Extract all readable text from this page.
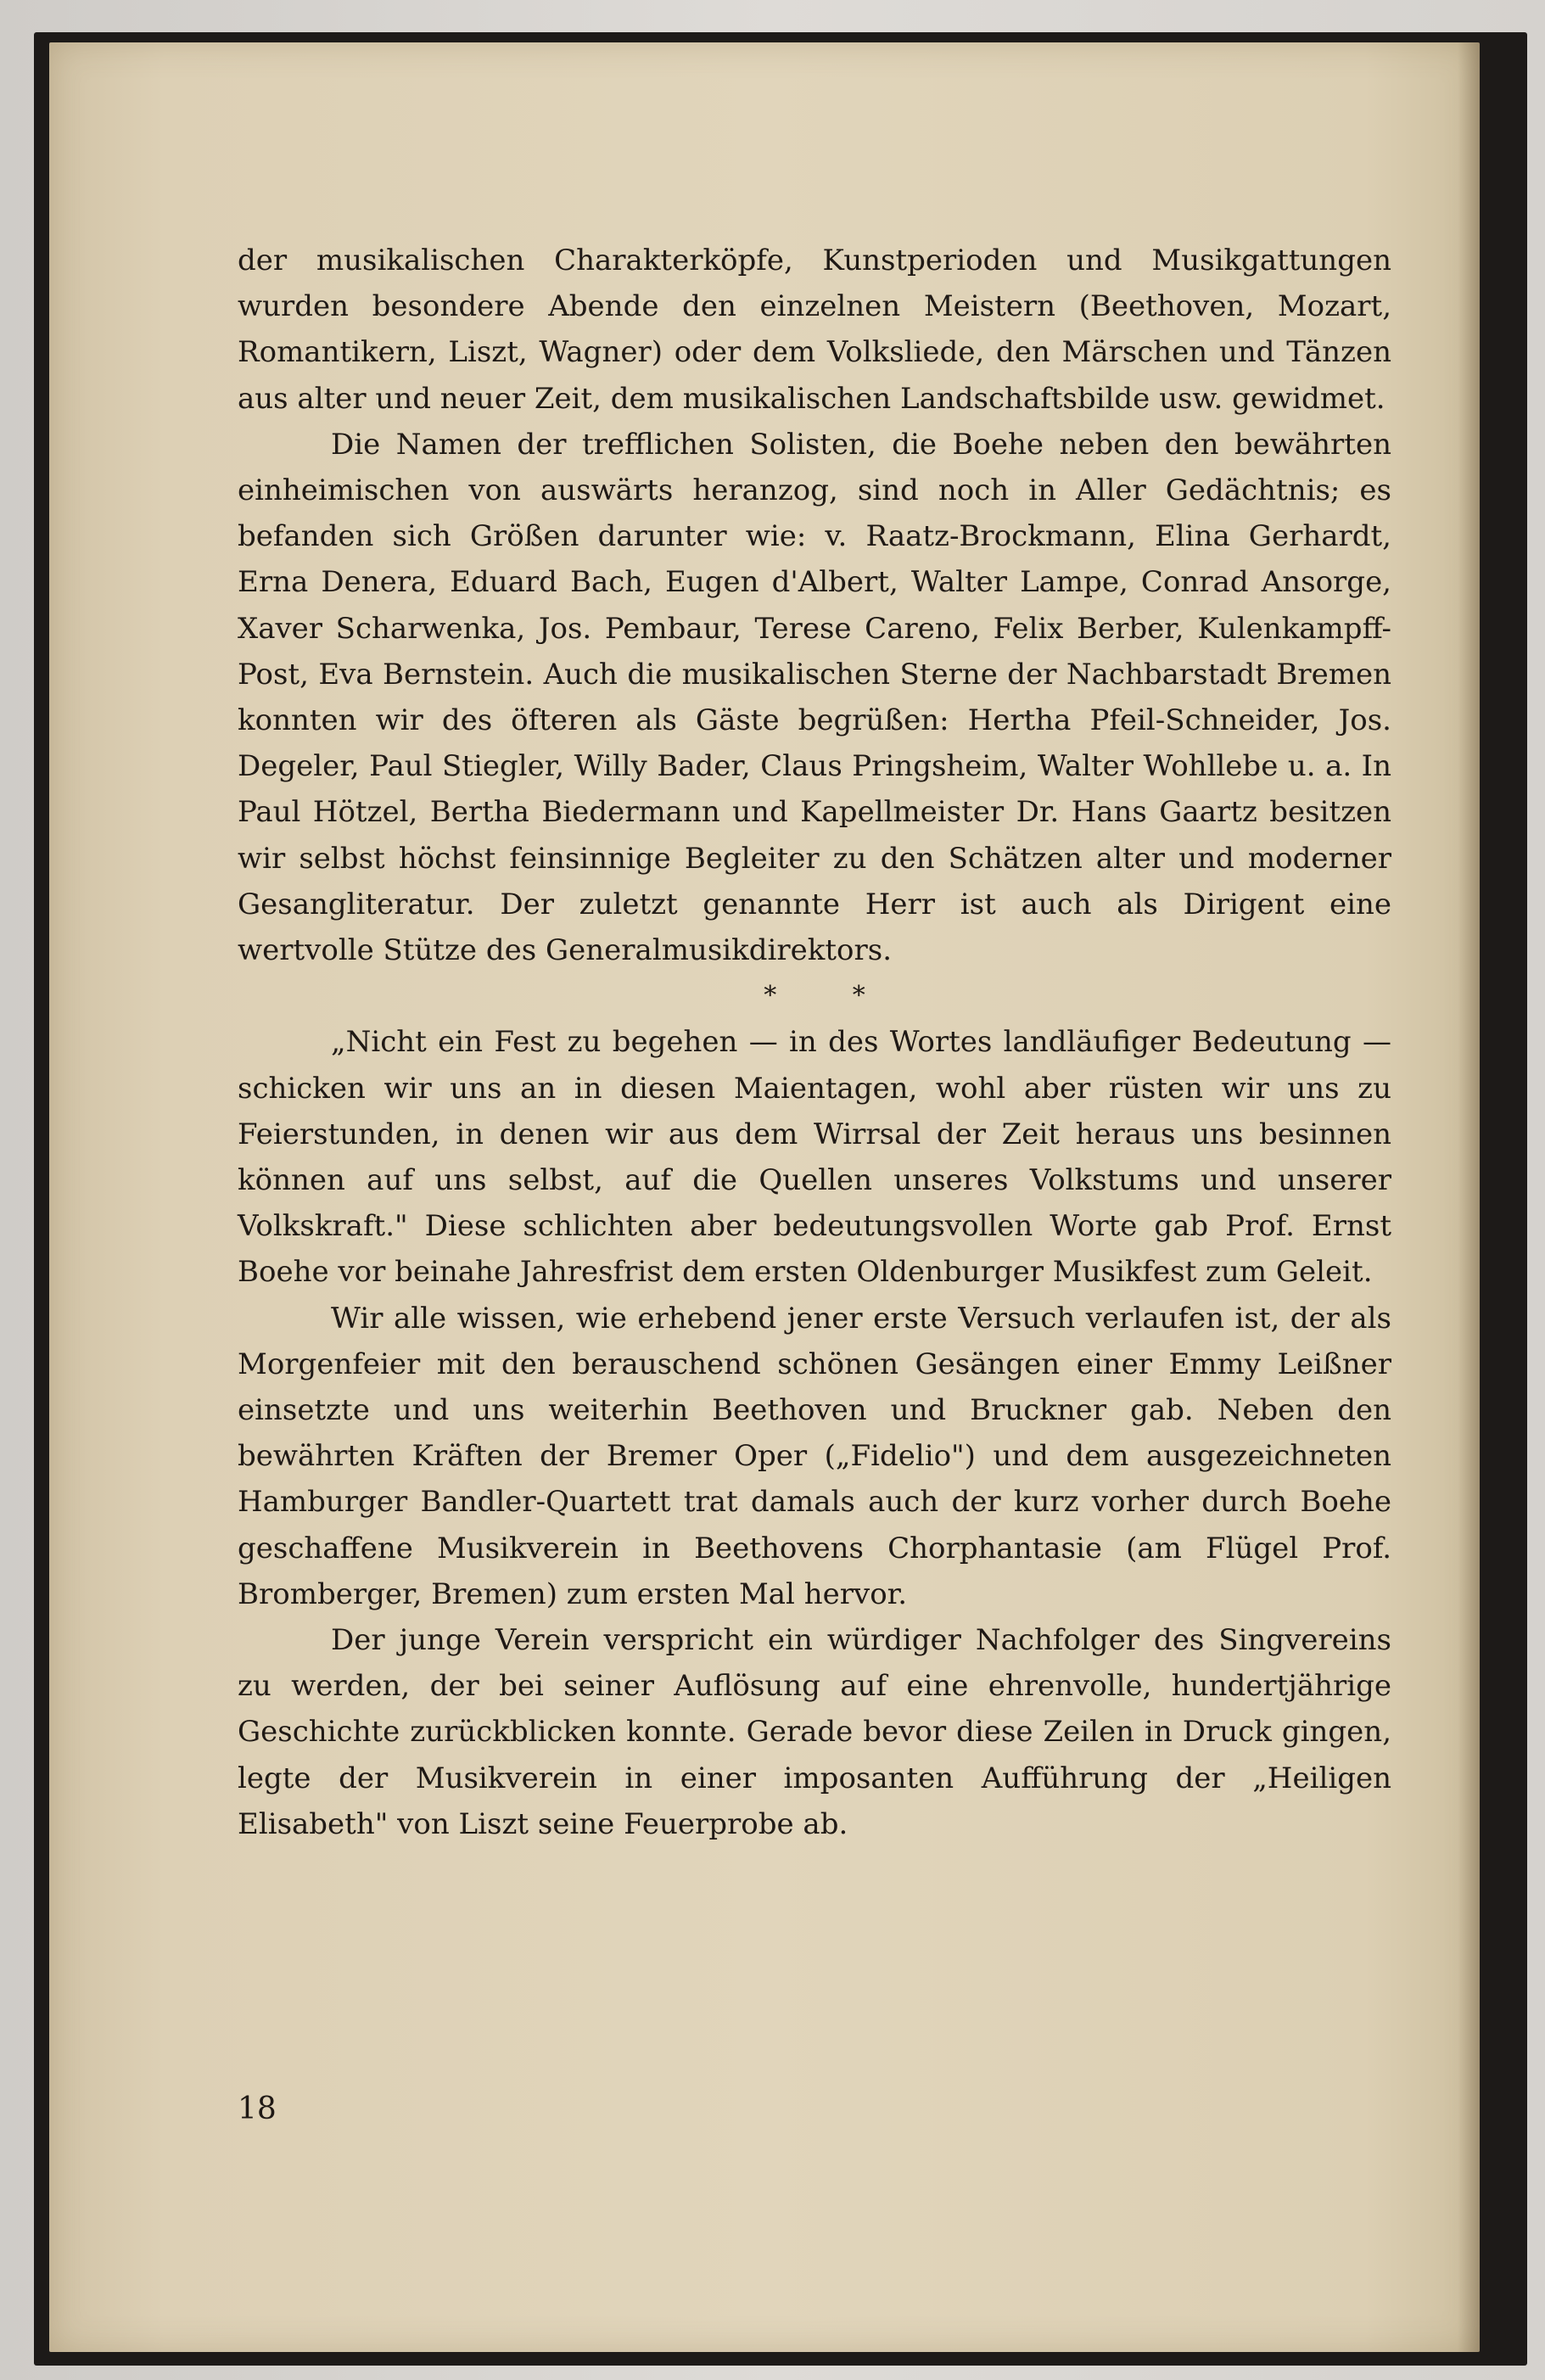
der musikalischen Charakterköpfe, Kunstperioden und Musikgattungen wurden besondere Abende den einzelnen Meistern (Beethoven, Mozart, Romantikern, Liszt, Wagner) oder dem Volksliede, den Märschen und Tänzen aus alter und neuer Zeit, dem musikalischen Landschaftsbilde usw. gewidmet.

Die Namen der trefflichen Solisten, die Boehe neben den bewährten einheimischen von auswärts heranzog, sind noch in Aller Gedächtnis; es befanden sich Größen darunter wie: v. Raatz-Brockmann, Elina Gerhardt, Erna Denera, Eduard Bach, Eugen d'Albert, Walter Lampe, Conrad Ansorge, Xaver Scharwenka, Jos. Pembaur, Terese Careno, Felix Berber, Kulenkampff-Post, Eva Bernstein. Auch die musikalischen Sterne der Nachbarstadt Bremen konnten wir des öfteren als Gäste begrüßen: Hertha Pfeil-Schneider, Jos. Degeler, Paul Stiegler, Willy Bader, Claus Pringsheim, Walter Wohllebe u. a. In Paul Hötzel, Bertha Biedermann und Kapellmeister Dr. Hans Gaartz besitzen wir selbst höchst feinsinnige Begleiter zu den Schätzen alter und moderner Gesangliteratur. Der zuletzt genannte Herr ist auch als Dirigent eine wertvolle Stütze des Generalmusikdirektors.

* *

„Nicht ein Fest zu begehen — in des Wortes landläufiger Bedeutung — schicken wir uns an in diesen Maientagen, wohl aber rüsten wir uns zu Feierstunden, in denen wir aus dem Wirrsal der Zeit heraus uns besinnen können auf uns selbst, auf die Quellen unseres Volkstums und unserer Volkskraft." Diese schlichten aber bedeutungsvollen Worte gab Prof. Ernst Boehe vor beinahe Jahresfrist dem ersten Oldenburger Musikfest zum Geleit.

Wir alle wissen, wie erhebend jener erste Versuch verlaufen ist, der als Morgenfeier mit den berauschend schönen Gesängen einer Emmy Leißner einsetzte und uns weiterhin Beethoven und Bruckner gab. Neben den bewährten Kräften der Bremer Oper („Fidelio") und dem ausgezeichneten Hamburger Bandler-Quartett trat damals auch der kurz vorher durch Boehe geschaffene Musikverein in Beethovens Chorphantasie (am Flügel Prof. Bromberger, Bremen) zum ersten Mal hervor.

Der junge Verein verspricht ein würdiger Nachfolger des Singvereins zu werden, der bei seiner Auflösung auf eine ehrenvolle, hundertjährige Geschichte zurückblicken konnte. Gerade bevor diese Zeilen in Druck gingen, legte der Musikverein in einer imposanten Aufführung der „Heiligen Elisabeth" von Liszt seine Feuerprobe ab.

18
